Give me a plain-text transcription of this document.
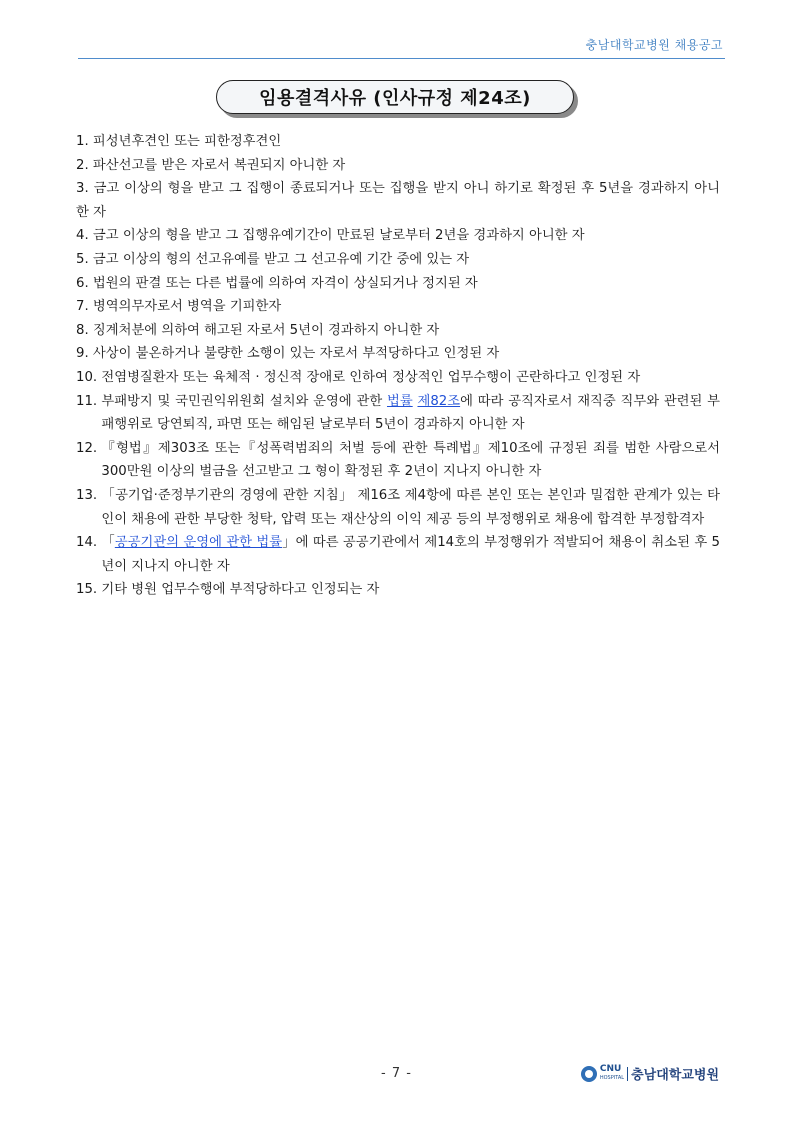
충남대학교병원 채용공고
임용결격사유 (인사규정 제24조)
1. 피성년후견인 또는 피한정후견인
2. 파산선고를 받은 자로서 복권되지 아니한 자
3. 금고 이상의 형을 받고 그 집행이 종료되거나 또는 집행을 받지 아니 하기로 확정된 후 5년을 경과하지 아니한 자
4. 금고 이상의 형을 받고 그 집행유예기간이 만료된 날로부터 2년을 경과하지 아니한 자
5. 금고 이상의 형의 선고유예를 받고 그 선고유예 기간 중에 있는 자
6. 법원의 판결 또는 다른 법률에 의하여 자격이 상실되거나 정지된 자
7. 병역의무자로서 병역을 기피한자
8. 징계처분에 의하여 해고된 자로서 5년이 경과하지 아니한 자
9. 사상이 불온하거나 불량한 소행이 있는 자로서 부적당하다고 인정된 자
10. 전염병질환자 또는 육체적 · 정신적 장애로 인하여 정상적인 업무수행이 곤란하다고 인정된 자
11. 부패방지 및 국민권익위원회 설치와 운영에 관한 법률 제82조에 따라 공직자로서 재직중 직무와 관련된 부패행위로 당연퇴직, 파면 또는 해임된 날로부터 5년이 경과하지 아니한 자
12. 『형법』제303조 또는『성폭력범죄의 처벌 등에 관한 특례법』제10조에 규정된 죄를 범한 사람으로서 300만원 이상의 벌금을 선고받고 그 형이 확정된 후 2년이 지나지 아니한 자
13. 「공기업·준정부기관의 경영에 관한 지침」 제16조 제4항에 따른 본인 또는 본인과 밀접한 관계가 있는 타인이 채용에 관한 부당한 청탁, 압력 또는 재산상의 이익 제공 등의 부정행위로 채용에 합격한 부정합격자
14. 「공공기관의 운영에 관한 법률」에 따른 공공기관에서 제14호의 부정행위가 적발되어 채용이 취소된 후 5년이 지나지 아니한 자
15. 기타 병원 업무수행에 부적당하다고 인정되는 자
- 7 -	CNU
HOSPITAL 충남대학교병원
